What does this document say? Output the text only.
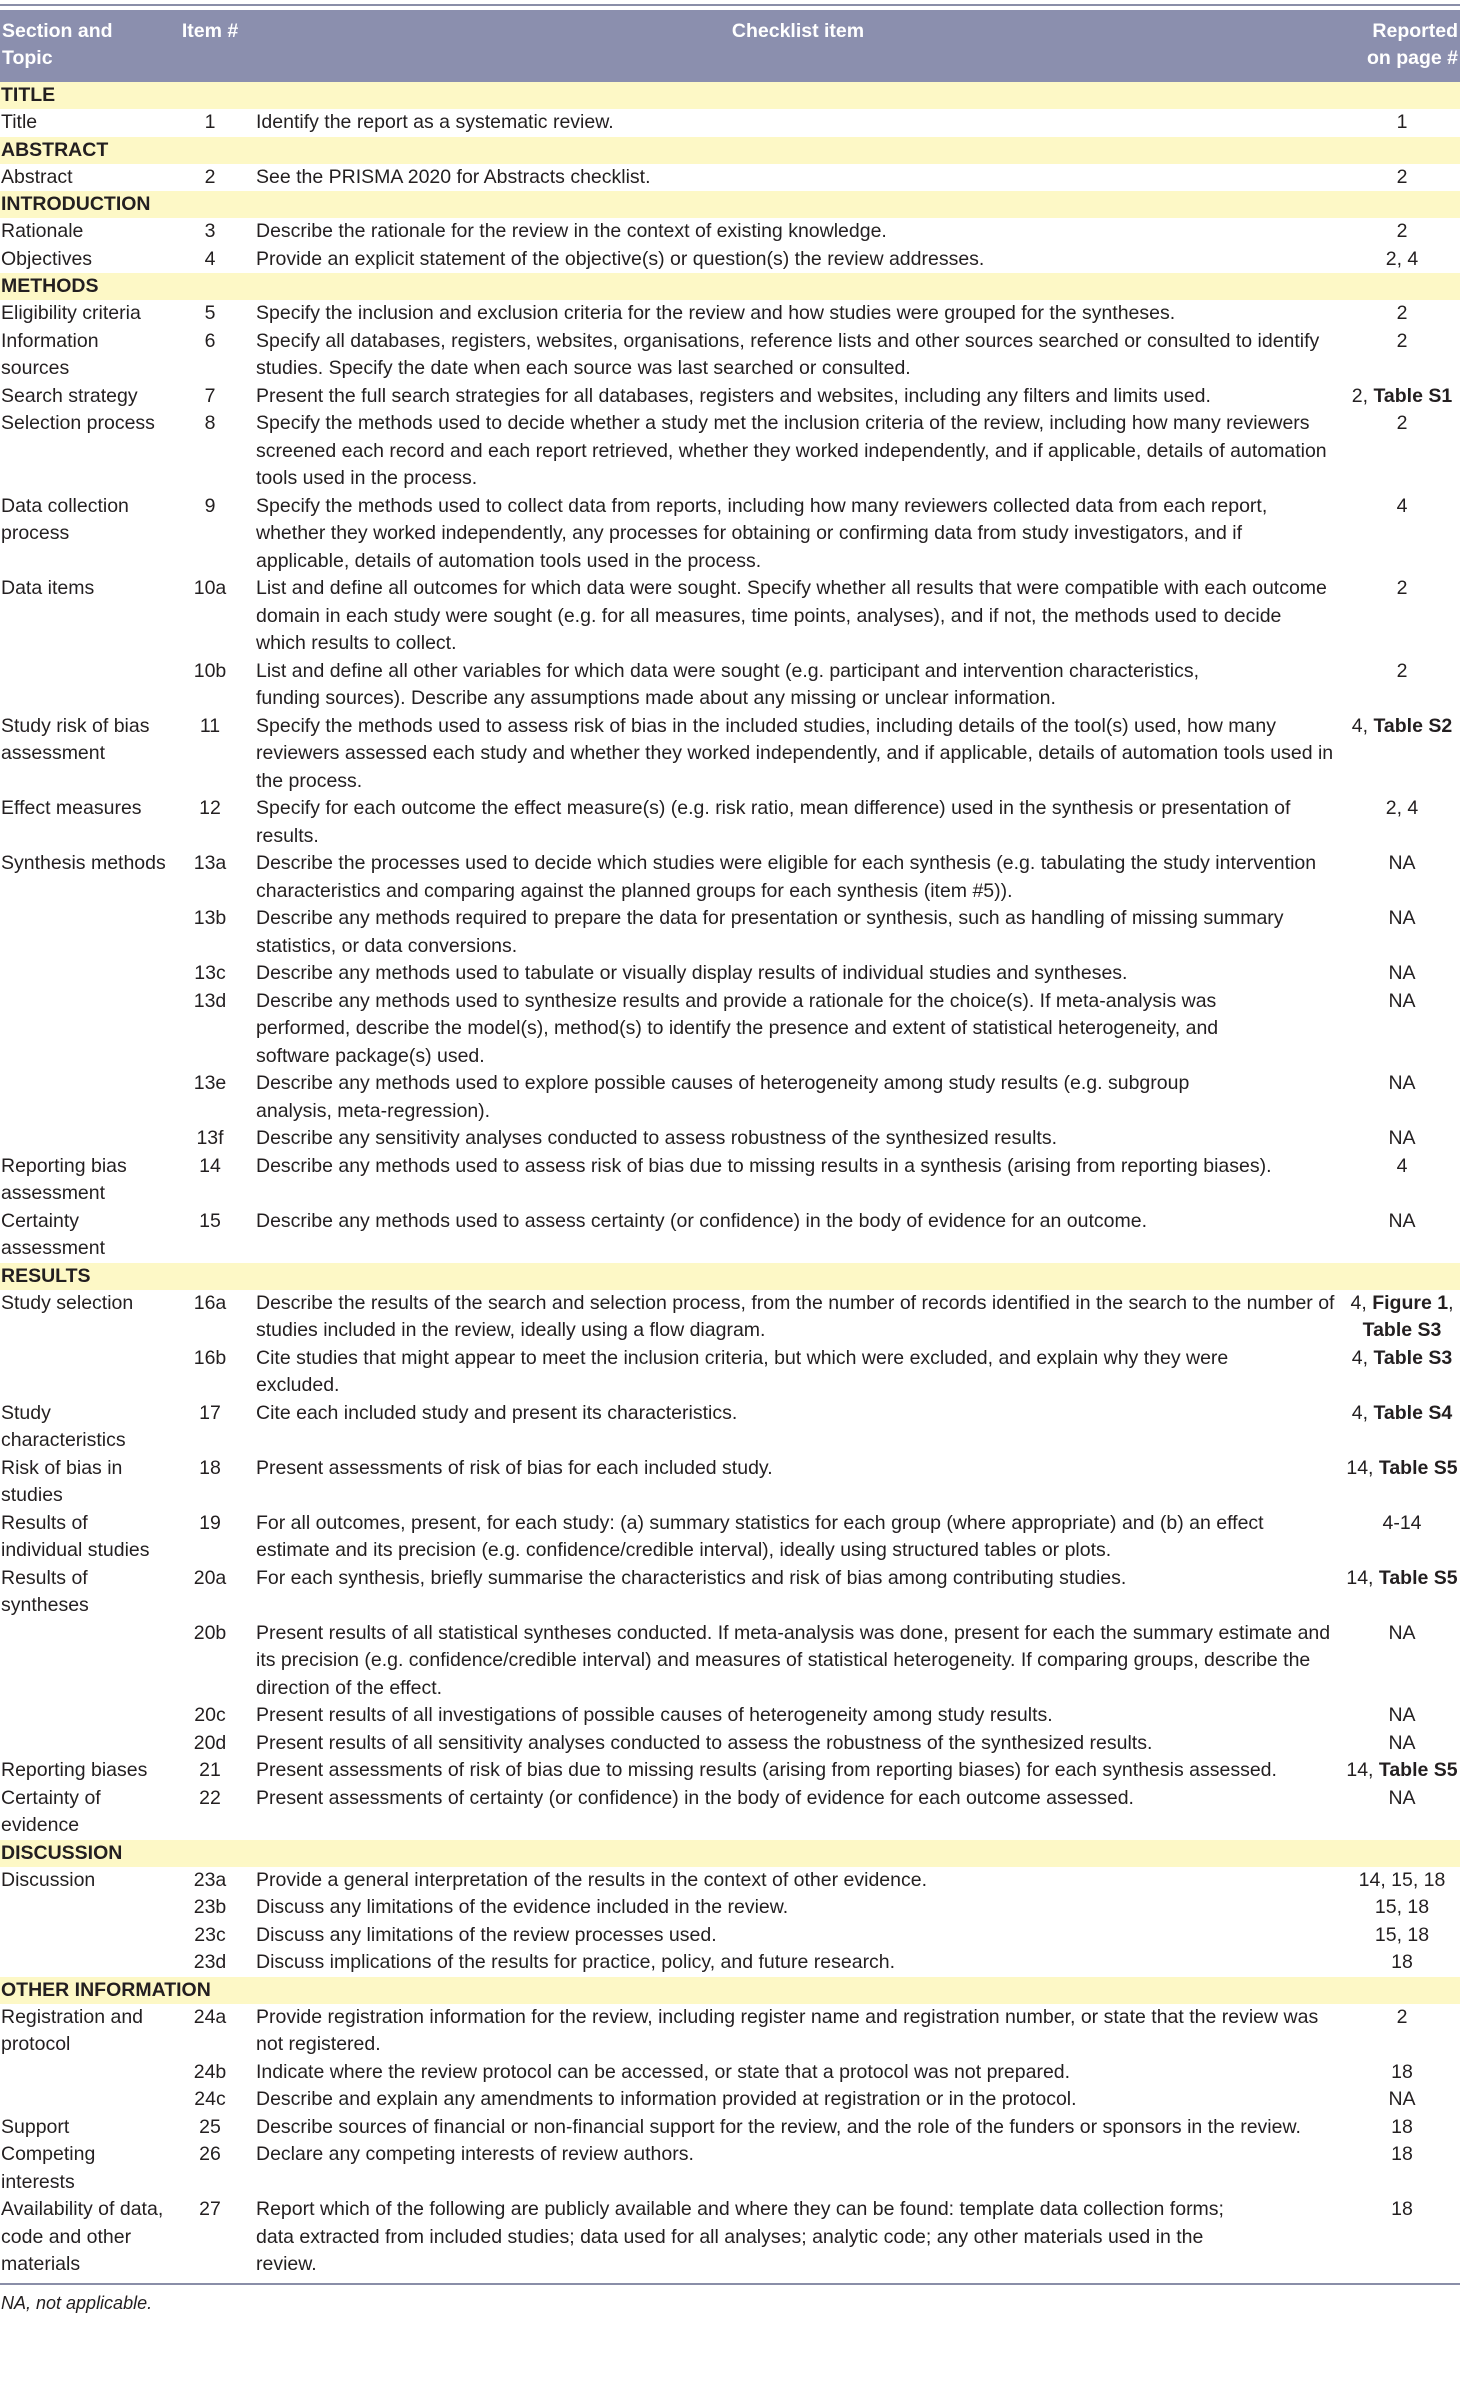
Section and Topic	Item #	Checklist item	Reported on page #
TITLE			
Title	1	Identify the report as a systematic review.	1
ABSTRACT			
Abstract	2	See the PRISMA 2020 for Abstracts checklist.	2
INTRODUCTION			
Rationale	3	Describe the rationale for the review in the context of existing knowledge.	2
Objectives	4	Provide an explicit statement of the objective(s) or question(s) the review addresses.	2, 4
METHODS			
Eligibility criteria	5	Specify the inclusion and exclusion criteria for the review and how studies were grouped for the syntheses.	2
Information sources	6	Specify all databases, registers, websites, organisations, reference lists and other sources searched or consulted to identify studies. Specify the date when each source was last searched or consulted.	2
Search strategy	7	Present the full search strategies for all databases, registers and websites, including any filters and limits used.	2, Table S1
Selection process	8	Specify the methods used to decide whether a study met the inclusion criteria of the review, including how many reviewers screened each record and each report retrieved, whether they worked independently, and if applicable, details of automation tools used in the process.	2
Data collection process	9	Specify the methods used to collect data from reports, including how many reviewers collected data from each report, whether they worked independently, any processes for obtaining or confirming data from study investigators, and if applicable, details of automation tools used in the process.	4
Data items	10a	List and define all outcomes for which data were sought. Specify whether all results that were compatible with each outcome domain in each study were sought (e.g. for all measures, time points, analyses), and if not, the methods used to decide which results to collect.	2
	10b	List and define all other variables for which data were sought (e.g. participant and intervention characteristics, funding sources). Describe any assumptions made about any missing or unclear information.	2
Study risk of bias assessment	11	Specify the methods used to assess risk of bias in the included studies, including details of the tool(s) used, how many reviewers assessed each study and whether they worked independently, and if applicable, details of automation tools used in the process.	4, Table S2
Effect measures	12	Specify for each outcome the effect measure(s) (e.g. risk ratio, mean difference) used in the synthesis or presentation of results.	2, 4
Synthesis methods	13a	Describe the processes used to decide which studies were eligible for each synthesis (e.g. tabulating the study intervention characteristics and comparing against the planned groups for each synthesis (item #5)).	NA
	13b	Describe any methods required to prepare the data for presentation or synthesis, such as handling of missing summary statistics, or data conversions.	NA
	13c	Describe any methods used to tabulate or visually display results of individual studies and syntheses.	NA
	13d	Describe any methods used to synthesize results and provide a rationale for the choice(s). If meta-analysis was performed, describe the model(s), method(s) to identify the presence and extent of statistical heterogeneity, and software package(s) used.	NA
	13e	Describe any methods used to explore possible causes of heterogeneity among study results (e.g. subgroup analysis, meta-regression).	NA
	13f	Describe any sensitivity analyses conducted to assess robustness of the synthesized results.	NA
Reporting bias assessment	14	Describe any methods used to assess risk of bias due to missing results in a synthesis (arising from reporting biases).	4
Certainty assessment	15	Describe any methods used to assess certainty (or confidence) in the body of evidence for an outcome.	NA
RESULTS			
Study selection	16a	Describe the results of the search and selection process, from the number of records identified in the search to the number of studies included in the review, ideally using a flow diagram.	4, Figure 1, Table S3
	16b	Cite studies that might appear to meet the inclusion criteria, but which were excluded, and explain why they were excluded.	4, Table S3
Study characteristics	17	Cite each included study and present its characteristics.	4, Table S4
Risk of bias in studies	18	Present assessments of risk of bias for each included study.	14, Table S5
Results of individual studies	19	For all outcomes, present, for each study: (a) summary statistics for each group (where appropriate) and (b) an effect estimate and its precision (e.g. confidence/credible interval), ideally using structured tables or plots.	4-14
Results of syntheses	20a	For each synthesis, briefly summarise the characteristics and risk of bias among contributing studies.	14, Table S5
	20b	Present results of all statistical syntheses conducted. If meta-analysis was done, present for each the summary estimate and its precision (e.g. confidence/credible interval) and measures of statistical heterogeneity. If comparing groups, describe the direction of the effect.	NA
	20c	Present results of all investigations of possible causes of heterogeneity among study results.	NA
	20d	Present results of all sensitivity analyses conducted to assess the robustness of the synthesized results.	NA
Reporting biases	21	Present assessments of risk of bias due to missing results (arising from reporting biases) for each synthesis assessed.	14, Table S5
Certainty of evidence	22	Present assessments of certainty (or confidence) in the body of evidence for each outcome assessed.	NA
DISCUSSION			
Discussion	23a	Provide a general interpretation of the results in the context of other evidence.	14, 15, 18
	23b	Discuss any limitations of the evidence included in the review.	15, 18
	23c	Discuss any limitations of the review processes used.	15, 18
	23d	Discuss implications of the results for practice, policy, and future research.	18
OTHER INFORMATION			
Registration and protocol	24a	Provide registration information for the review, including register name and registration number, or state that the review was not registered.	2
	24b	Indicate where the review protocol can be accessed, or state that a protocol was not prepared.	18
	24c	Describe and explain any amendments to information provided at registration or in the protocol.	NA
Support	25	Describe sources of financial or non-financial support for the review, and the role of the funders or sponsors in the review.	18
Competing interests	26	Declare any competing interests of review authors.	18
Availability of data, code and other materials	27	Report which of the following are publicly available and where they can be found: template data collection forms; data extracted from included studies; data used for all analyses; analytic code; any other materials used in the review.	18
NA, not applicable.
